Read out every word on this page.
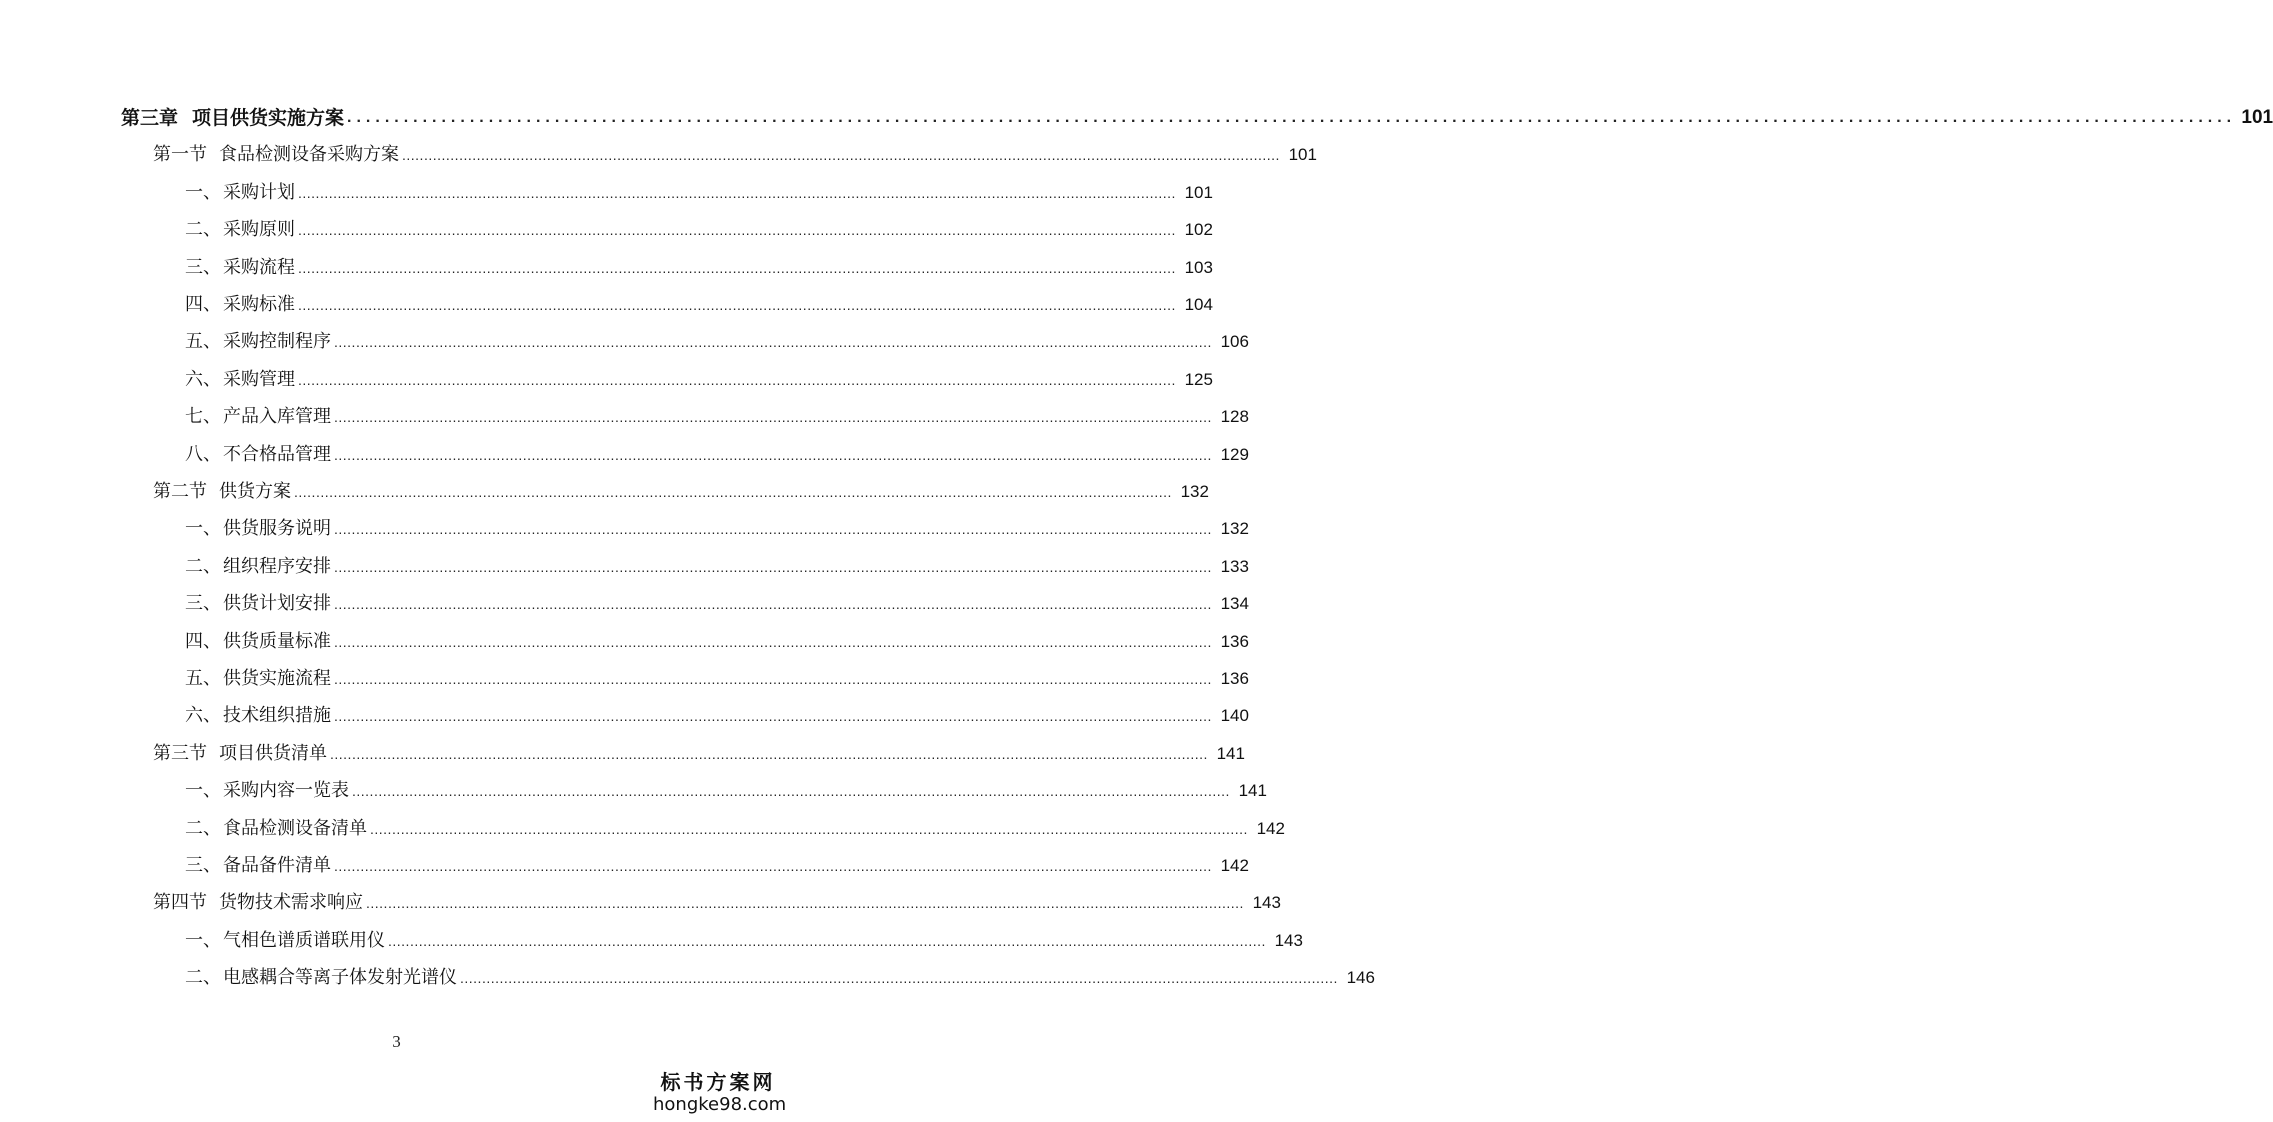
第三章 项目供货实施方案 ........................................................................................................................................................................................................ 101
第一节 食品检测设备采购方案 ........................................................................................................................................................................................................ 101
一、 采购计划 ........................................................................................................................................................................................................ 101
二、 采购原则 ........................................................................................................................................................................................................ 102
三、 采购流程 ........................................................................................................................................................................................................ 103
四、 采购标准 ........................................................................................................................................................................................................ 104
五、 采购控制程序 ........................................................................................................................................................................................................ 106
六、 采购管理 ........................................................................................................................................................................................................ 125
七、 产品入库管理 ........................................................................................................................................................................................................ 128
八、 不合格品管理 ........................................................................................................................................................................................................ 129
第二节 供货方案 ........................................................................................................................................................................................................ 132
一、 供货服务说明 ........................................................................................................................................................................................................ 132
二、 组织程序安排 ........................................................................................................................................................................................................ 133
三、 供货计划安排 ........................................................................................................................................................................................................ 134
四、 供货质量标准 ........................................................................................................................................................................................................ 136
五、 供货实施流程 ........................................................................................................................................................................................................ 136
六、 技术组织措施 ........................................................................................................................................................................................................ 140
第三节 项目供货清单 ........................................................................................................................................................................................................ 141
一、 采购内容一览表 ........................................................................................................................................................................................................ 141
二、 食品检测设备清单 ........................................................................................................................................................................................................ 142
三、 备品备件清单 ........................................................................................................................................................................................................ 142
第四节 货物技术需求响应 ........................................................................................................................................................................................................ 143
一、 气相色谱质谱联用仪 ........................................................................................................................................................................................................ 143
二、 电感耦合等离子体发射光谱仪 ........................................................................................................................................................................................................ 146
3
标书方案网
hongke98.com
